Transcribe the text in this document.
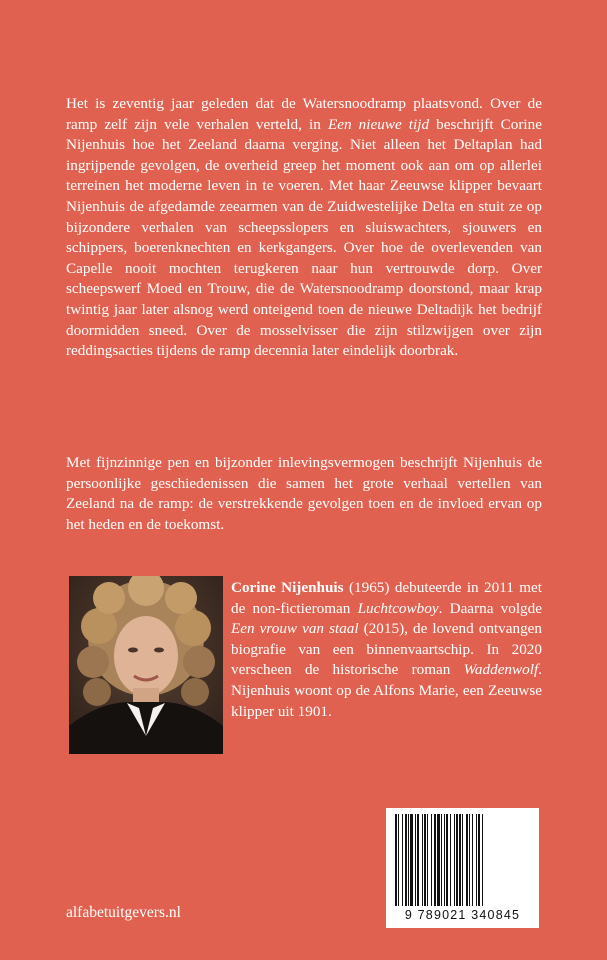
Het is zeventig jaar geleden dat de Watersnoodramp plaatsvond. Over de ramp zelf zijn vele verhalen verteld, in Een nieuwe tijd beschrijft Corine Nijenhuis hoe het Zeeland daarna verging. Niet alleen het Deltaplan had ingrijpende gevolgen, de overheid greep het moment ook aan om op allerlei terreinen het moderne leven in te voeren. Met haar Zeeuwse klipper bevaart Nijenhuis de afgedamde zeearmen van de Zuidwestelijke Delta en stuit ze op bijzondere verhalen van scheepsslopers en sluiswachters, sjouwers en schippers, boerenknechten en kerkgangers. Over hoe de overlevenden van Capelle nooit mochten terugkeren naar hun vertrouwde dorp. Over scheepswerf Moed en Trouw, die de Watersnoodramp doorstond, maar krap twintig jaar later alsnog werd onteigend toen de nieuwe Deltadijk het bedrijf doormidden sneed. Over de mosselvisser die zijn stilzwijgen over zijn reddingsacties tijdens de ramp decennia later eindelijk doorbrak.

Met fijnzinnige pen en bijzonder inlevingsvermogen beschrijft Nijenhuis de persoonlijke geschiedenissen die samen het grote verhaal vertellen van Zeeland na de ramp: de verstrekkende gevolgen toen en de invloed ervan op het heden en de toekomst.

Corine Nijenhuis (1965) debuteerde in 2011 met de non-fictieroman Luchtcowboy. Daarna volgde Een vrouw van staal (2015), de lovend ontvangen biografie van een binnenvaartschip. In 2020 verscheen de historische roman Waddenwolf. Nijenhuis woont op de Alfons Marie, een Zeeuwse klipper uit 1901.

9 789021 340845
alfabetuitgevers.nl
